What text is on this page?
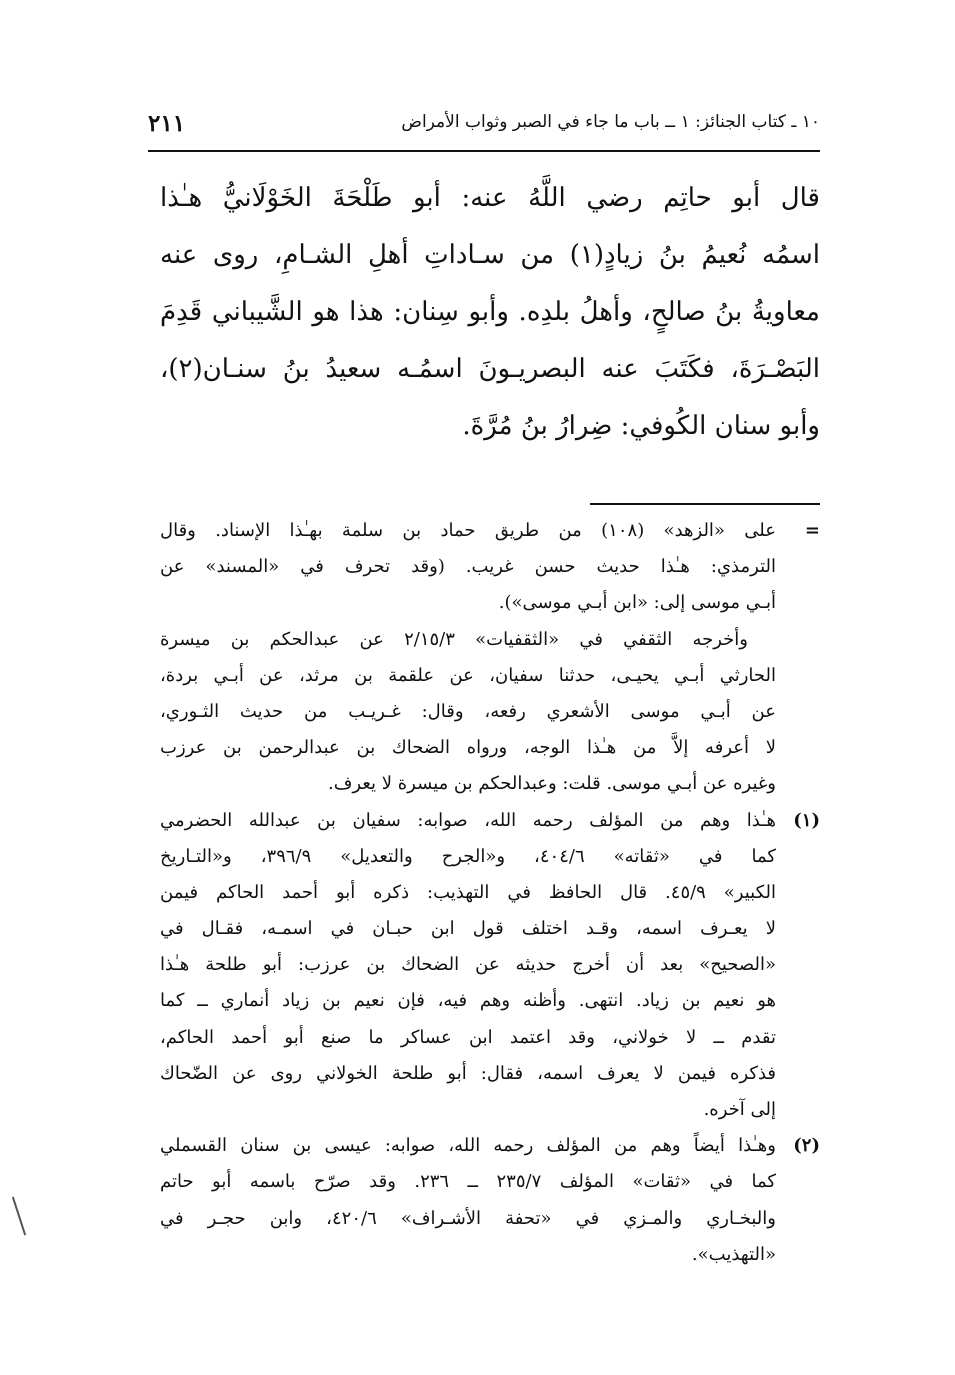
١٠ ـ كتاب الجنائز: ١ ــ باب ما جاء في الصبر وثواب الأمراض
٢١١
قال أبو حاتِم رضي اللَّهُ عنه: أبو طَلْحَةَ الخَوْلَانيُّ هـٰذا
اسمُه نُعيمُ بنُ زيادٍ(١) من سـاداتِ أهلِ الشـامِ، روى عنه
معاويةُ بنُ صالحٍ، وأهلُ بلدِه. وأبو سِنان: هذا هو الشَّيباني قَدِمَ
البَصْـرَةَ، فكَتَبَ عنه البصريـونَ اسمُـه سعيدُ بنُ سنـان(٢)،
وأبو سنان الكُوفي: ضِرارُ بنُ مُرَّةَ.
=
على «الزهد» (١٠٨) من طريق حماد بن سلمة بهـٰذا الإسناد. وقال
الترمذي: هـٰذا حديث حسن غريب. (وقد تحرف في «المسند» عن
أبـي موسى إلى: «ابن أبـي موسى»).
وأخرجه الثقفي في «الثقفيات» ٢/١٥/٣ عن عبدالحكم بن ميسرة
الحارثي أبـي يحيـى، حدثنا سفيان، عن علقمة بن مرثد، عن أبـي بردة،
عن أبـي موسى الأشعري رفعه، وقال: غـريـب من حديث الثـوري،
لا أعرفه إلاَّ من هـٰذا الوجه، ورواه الضحاك بن عبدالرحمن بن عرزب
وغيره عن أبـي موسى. قلت: وعبدالحكم بن ميسرة لا يعرف.
(١)
هـٰذا وهم من المؤلف رحمه الله، صوابه: سفيان بن عبدالله الحضرمي
كما في «ثقاته» ٤٠٤/٦، و«الجرح والتعديل» ٣٩٦/٩، و«التـاريخ
الكبير» ٤٥/٩. قال الحافظ في التهذيب: ذكره أبو أحمد الحاكم فيمن
لا يعـرف اسمه، وقـد اختلف قول ابن حبـان في اسمـه، فقـال في
«الصحيح» بعد أن أخرج حديثه عن الضحاك بن عرزب: أبو طلحة هـٰذا
هو نعيم بن زياد. انتهى. وأظنه وهم فيه، فإن نعيم بن زياد أنماري ــ كما
تقدم ــ لا خولاني، وقد اعتمد ابن عساكر ما صنع أبو أحمد الحاكم،
فذكره فيمن لا يعرف اسمه، فقال: أبو طلحة الخولاني روى عن الضّحاك
إلى آخره.
(٢)
وهـٰذا أيضاً وهم من المؤلف رحمه الله، صوابه: عيسى بن سنان القسملي
كما في «ثقات» المؤلف ٢٣٥/٧ ــ ٢٣٦. وقد صرّح باسمه أبو حاتم
والبخـاري والمـزي في «تحفة الأشـراف» ٤٢٠/٦، وابن حجـر في
«التهذيب».
